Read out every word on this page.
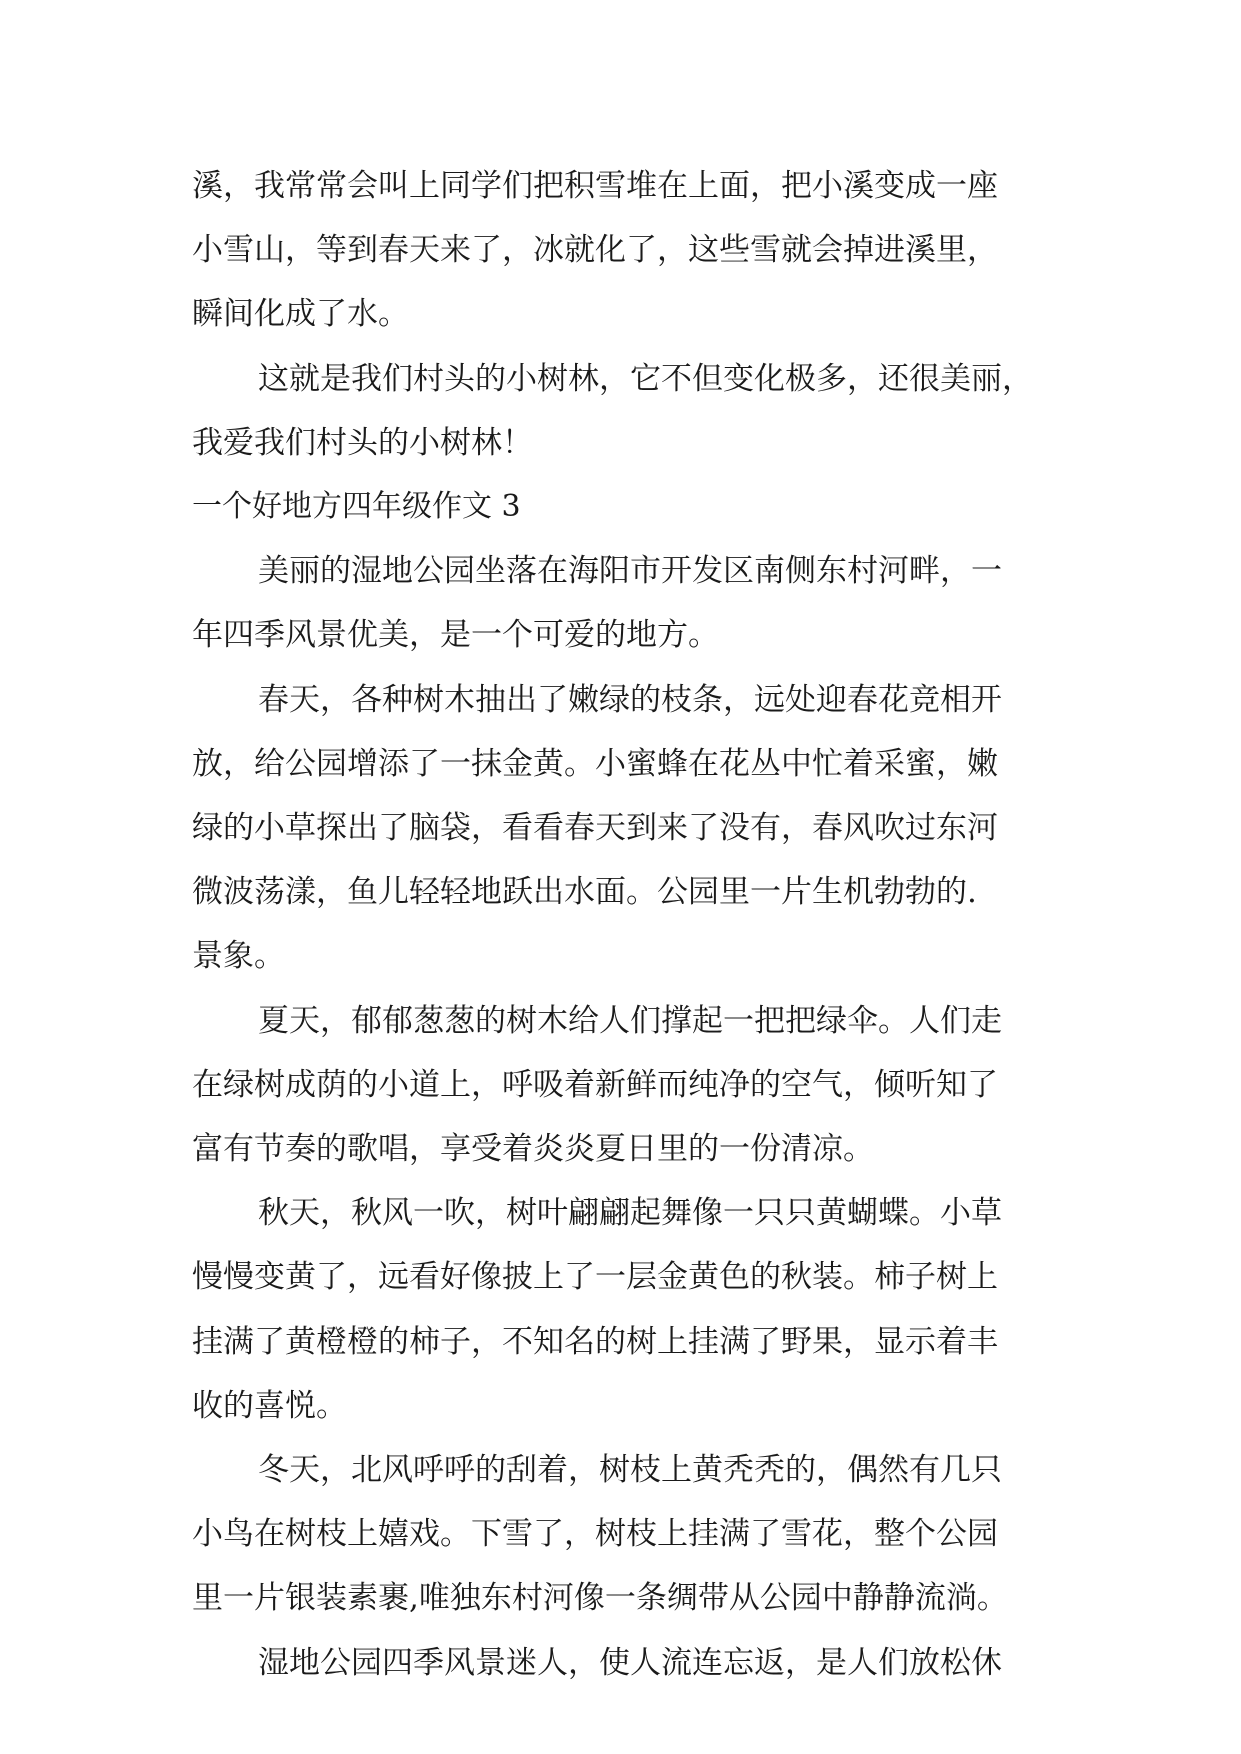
溪，我常常会叫上同学们把积雪堆在上面，把小溪变成一座

小雪山，等到春天来了，冰就化了，这些雪就会掉进溪里，

瞬间化成了水。

这就是我们村头的小树林，它不但变化极多，还很美丽，

我爱我们村头的小树林！

一个好地方四年级作文 3

美丽的湿地公园坐落在海阳市开发区南侧东村河畔，一

年四季风景优美，是一个可爱的地方。

春天，各种树木抽出了嫩绿的枝条，远处迎春花竞相开

放，给公园增添了一抹金黄。小蜜蜂在花丛中忙着采蜜，嫩

绿的小草探出了脑袋，看看春天到来了没有，春风吹过东河

微波荡漾，鱼儿轻轻地跃出水面。公园里一片生机勃勃的.

景象。

夏天，郁郁葱葱的树木给人们撑起一把把绿伞。人们走

在绿树成荫的小道上，呼吸着新鲜而纯净的空气，倾听知了

富有节奏的歌唱，享受着炎炎夏日里的一份清凉。

秋天，秋风一吹，树叶翩翩起舞像一只只黄蝴蝶。小草

慢慢变黄了，远看好像披上了一层金黄色的秋装。柿子树上

挂满了黄橙橙的柿子，不知名的树上挂满了野果，显示着丰

收的喜悦。

冬天，北风呼呼的刮着，树枝上黄秃秃的，偶然有几只

小鸟在树枝上嬉戏。下雪了，树枝上挂满了雪花，整个公园

里一片银装素裹,唯独东村河像一条绸带从公园中静静流淌。

湿地公园四季风景迷人，使人流连忘返，是人们放松休
